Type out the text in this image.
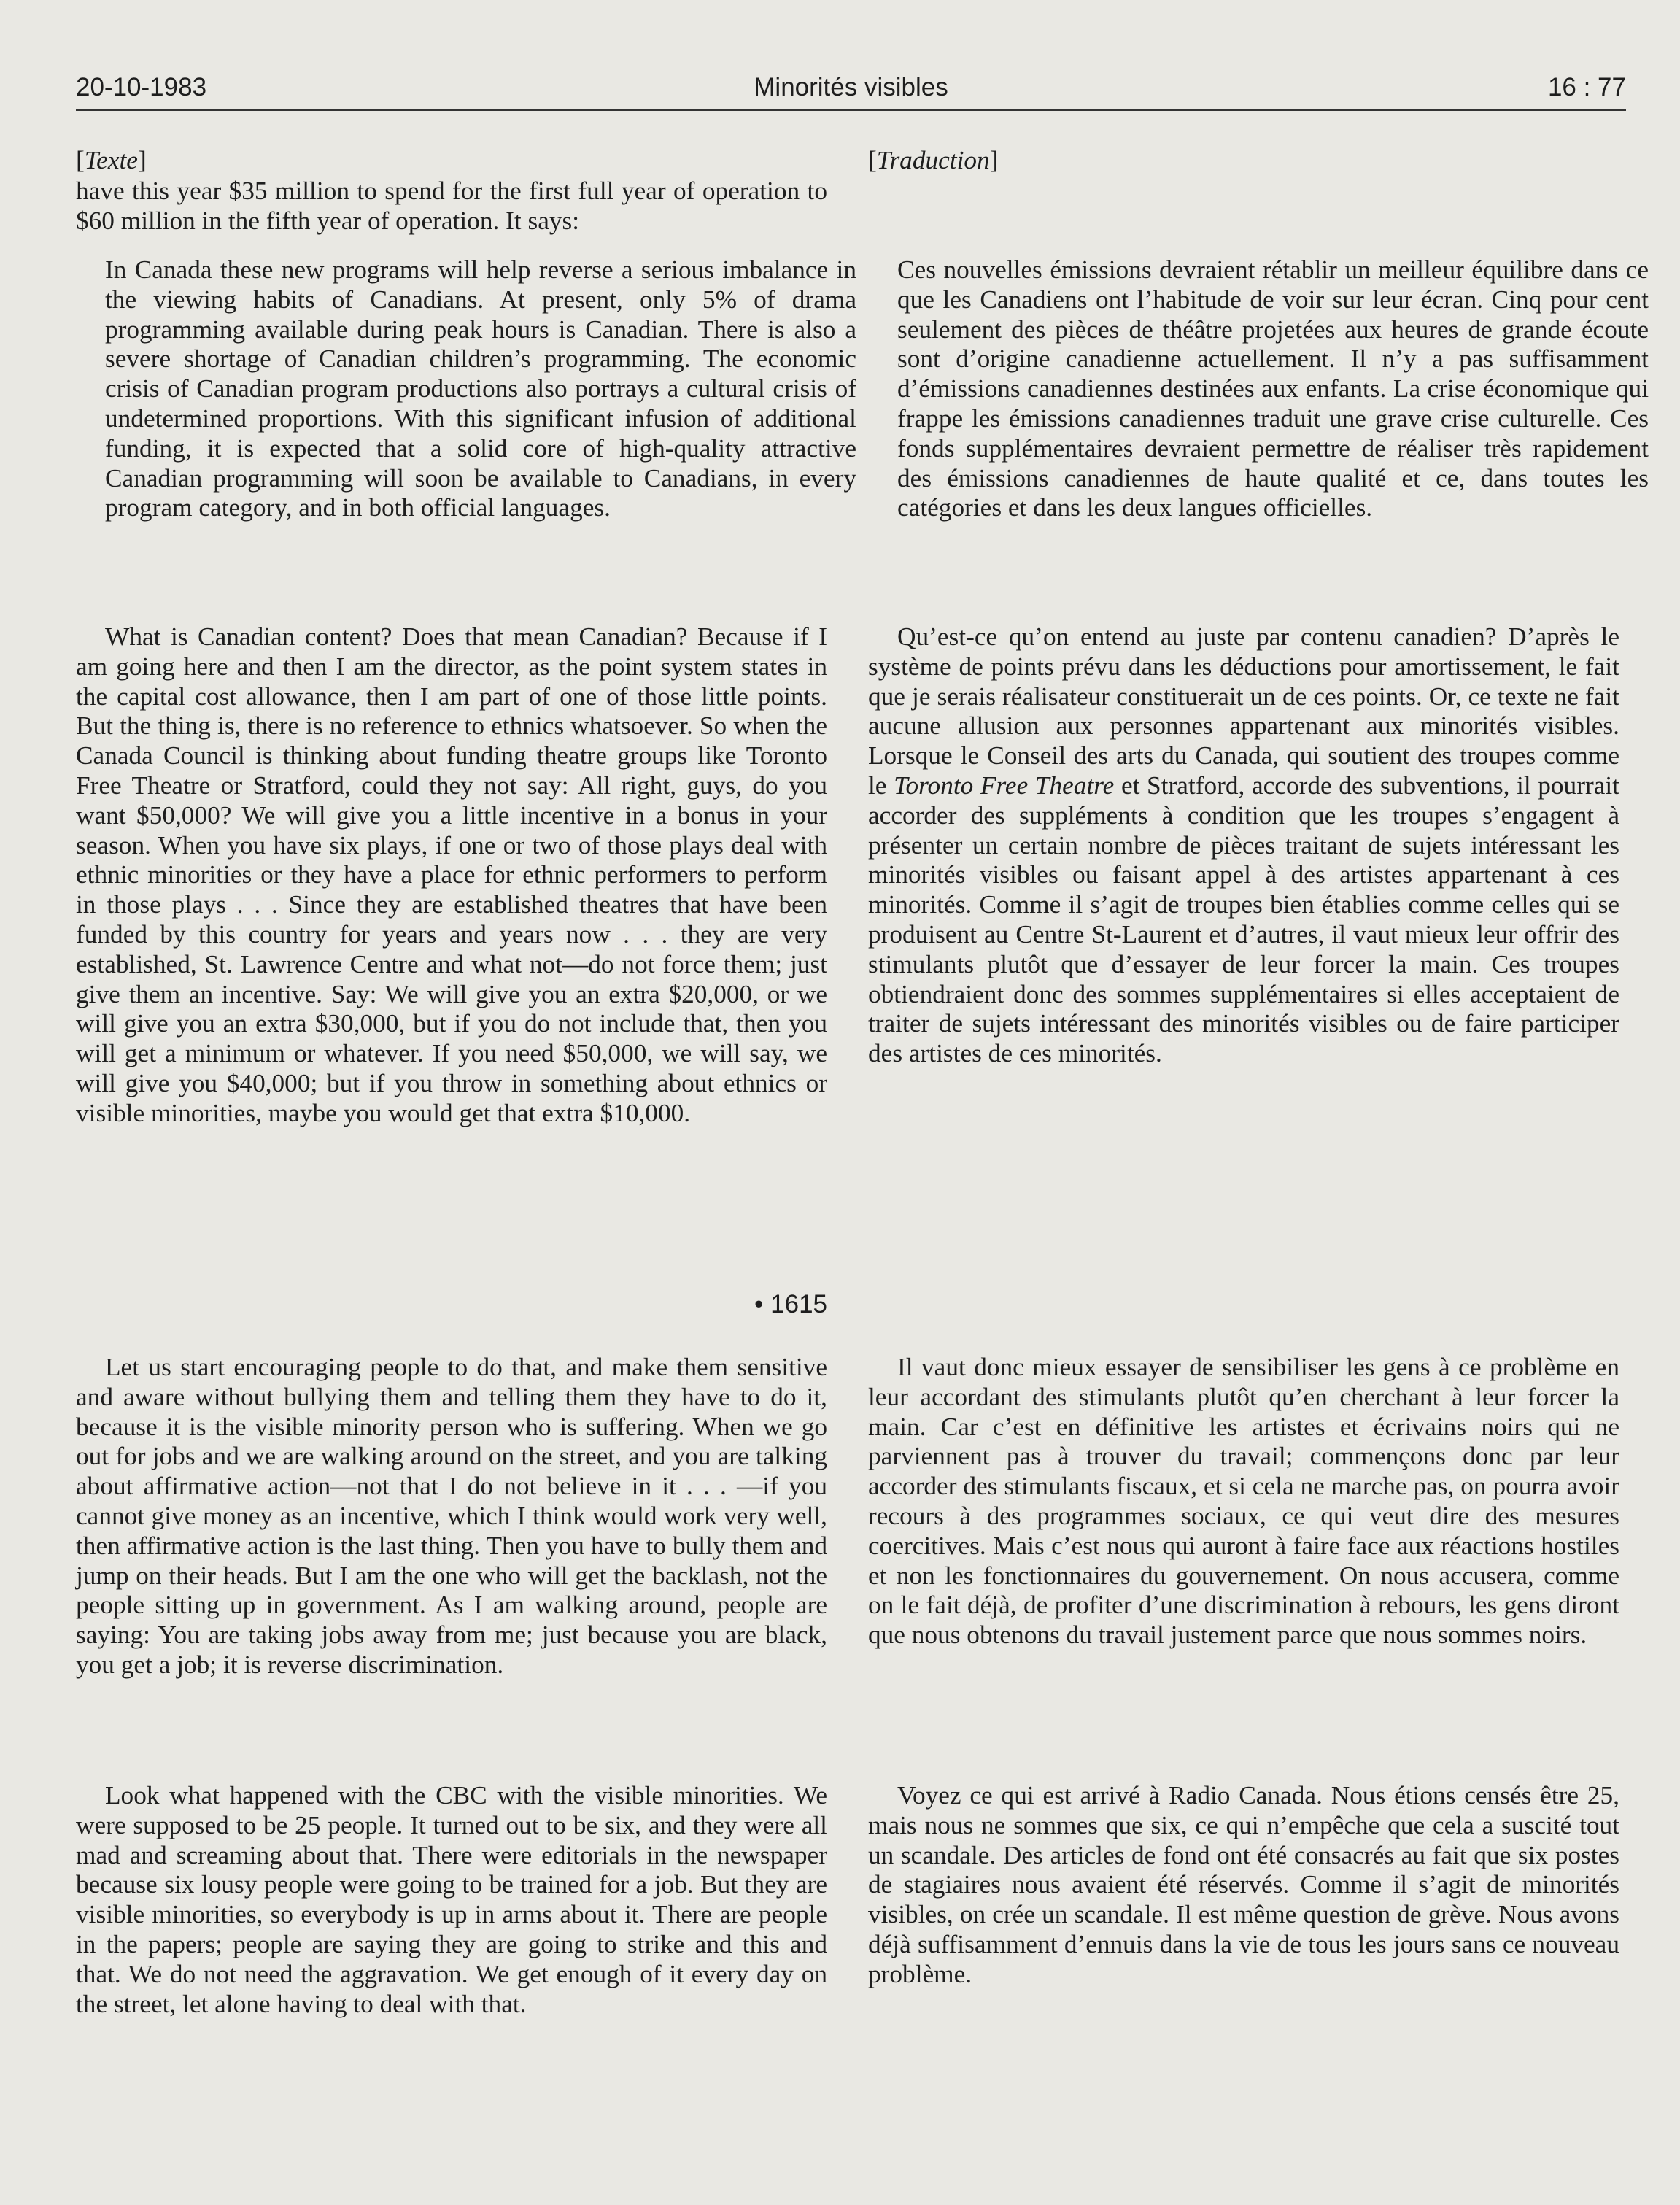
20-10-1983	Minorités visibles	16 : 77
[Texte]

have this year $35 million to spend for the first full year of operation to $60 million in the fifth year of operation. It says:

In Canada these new programs will help reverse a serious imbalance in the viewing habits of Canadians. At present, only 5% of drama programming available during peak hours is Canadian. There is also a severe shortage of Canadian children’s programming. The economic crisis of Canadian program productions also portrays a cultural crisis of undetermined proportions. With this significant infusion of additional funding, it is expected that a solid core of high-quality attractive Canadian programming will soon be available to Canadians, in every program category, and in both official languages.

What is Canadian content? Does that mean Canadian? Because if I am going here and then I am the director, as the point system states in the capital cost allowance, then I am part of one of those little points. But the thing is, there is no reference to ethnics whatsoever. So when the Canada Council is thinking about funding theatre groups like Toronto Free Theatre or Stratford, could they not say: All right, guys, do you want $50,000? We will give you a little incentive in a bonus in your season. When you have six plays, if one or two of those plays deal with ethnic minorities or they have a place for ethnic performers to perform in those plays . . . Since they are established theatres that have been funded by this country for years and years now . . . they are very established, St. Lawrence Centre and what not—do not force them; just give them an incentive. Say: We will give you an extra $20,000, or we will give you an extra $30,000, but if you do not include that, then you will get a minimum or whatever. If you need $50,000, we will say, we will give you $40,000; but if you throw in something about ethnics or visible minorities, maybe you would get that extra $10,000.

• 1615

Let us start encouraging people to do that, and make them sensitive and aware without bullying them and telling them they have to do it, because it is the visible minority person who is suffering. When we go out for jobs and we are walking around on the street, and you are talking about affirmative action—not that I do not believe in it . . . —if you cannot give money as an incentive, which I think would work very well, then affirmative action is the last thing. Then you have to bully them and jump on their heads. But I am the one who will get the backlash, not the people sitting up in government. As I am walking around, people are saying: You are taking jobs away from me; just because you are black, you get a job; it is reverse discrimination.

Look what happened with the CBC with the visible minorities. We were supposed to be 25 people. It turned out to be six, and they were all mad and screaming about that. There were editorials in the newspaper because six lousy people were going to be trained for a job. But they are visible minorities, so everybody is up in arms about it. There are people in the papers; people are saying they are going to strike and this and that. We do not need the aggravation. We get enough of it every day on the street, let alone having to deal with that.

[Traduction]

Ces nouvelles émissions devraient rétablir un meilleur équilibre dans ce que les Canadiens ont l’habitude de voir sur leur écran. Cinq pour cent seulement des pièces de théâtre projetées aux heures de grande écoute sont d’origine canadienne actuellement. Il n’y a pas suffisamment d’émissions canadiennes destinées aux enfants. La crise économique qui frappe les émissions canadiennes traduit une grave crise culturelle. Ces fonds supplémentaires devraient permettre de réaliser très rapidement des émissions canadiennes de haute qualité et ce, dans toutes les catégories et dans les deux langues officielles.

Qu’est-ce qu’on entend au juste par contenu canadien? D’après le système de points prévu dans les déductions pour amortissement, le fait que je serais réalisateur constituerait un de ces points. Or, ce texte ne fait aucune allusion aux personnes appartenant aux minorités visibles. Lorsque le Conseil des arts du Canada, qui soutient des troupes comme le Toronto Free Theatre et Stratford, accorde des subventions, il pourrait accorder des suppléments à condition que les troupes s’engagent à présenter un certain nombre de pièces traitant de sujets intéressant les minorités visibles ou faisant appel à des artistes appartenant à ces minorités. Comme il s’agit de troupes bien établies comme celles qui se produisent au Centre St-Laurent et d’autres, il vaut mieux leur offrir des stimulants plutôt que d’essayer de leur forcer la main. Ces troupes obtiendraient donc des sommes supplémentaires si elles acceptaient de traiter de sujets intéressant des minorités visibles ou de faire participer des artistes de ces minorités.

Il vaut donc mieux essayer de sensibiliser les gens à ce problème en leur accordant des stimulants plutôt qu’en cherchant à leur forcer la main. Car c’est en définitive les artistes et écrivains noirs qui ne parviennent pas à trouver du travail; commençons donc par leur accorder des stimulants fiscaux, et si cela ne marche pas, on pourra avoir recours à des programmes sociaux, ce qui veut dire des mesures coercitives. Mais c’est nous qui auront à faire face aux réactions hostiles et non les fonctionnaires du gouvernement. On nous accusera, comme on le fait déjà, de profiter d’une discrimination à rebours, les gens diront que nous obtenons du travail justement parce que nous sommes noirs.

Voyez ce qui est arrivé à Radio Canada. Nous étions censés être 25, mais nous ne sommes que six, ce qui n’empêche que cela a suscité tout un scandale. Des articles de fond ont été consacrés au fait que six postes de stagiaires nous avaient été réservés. Comme il s’agit de minorités visibles, on crée un scandale. Il est même question de grève. Nous avons déjà suffisamment d’ennuis dans la vie de tous les jours sans ce nouveau problème.
